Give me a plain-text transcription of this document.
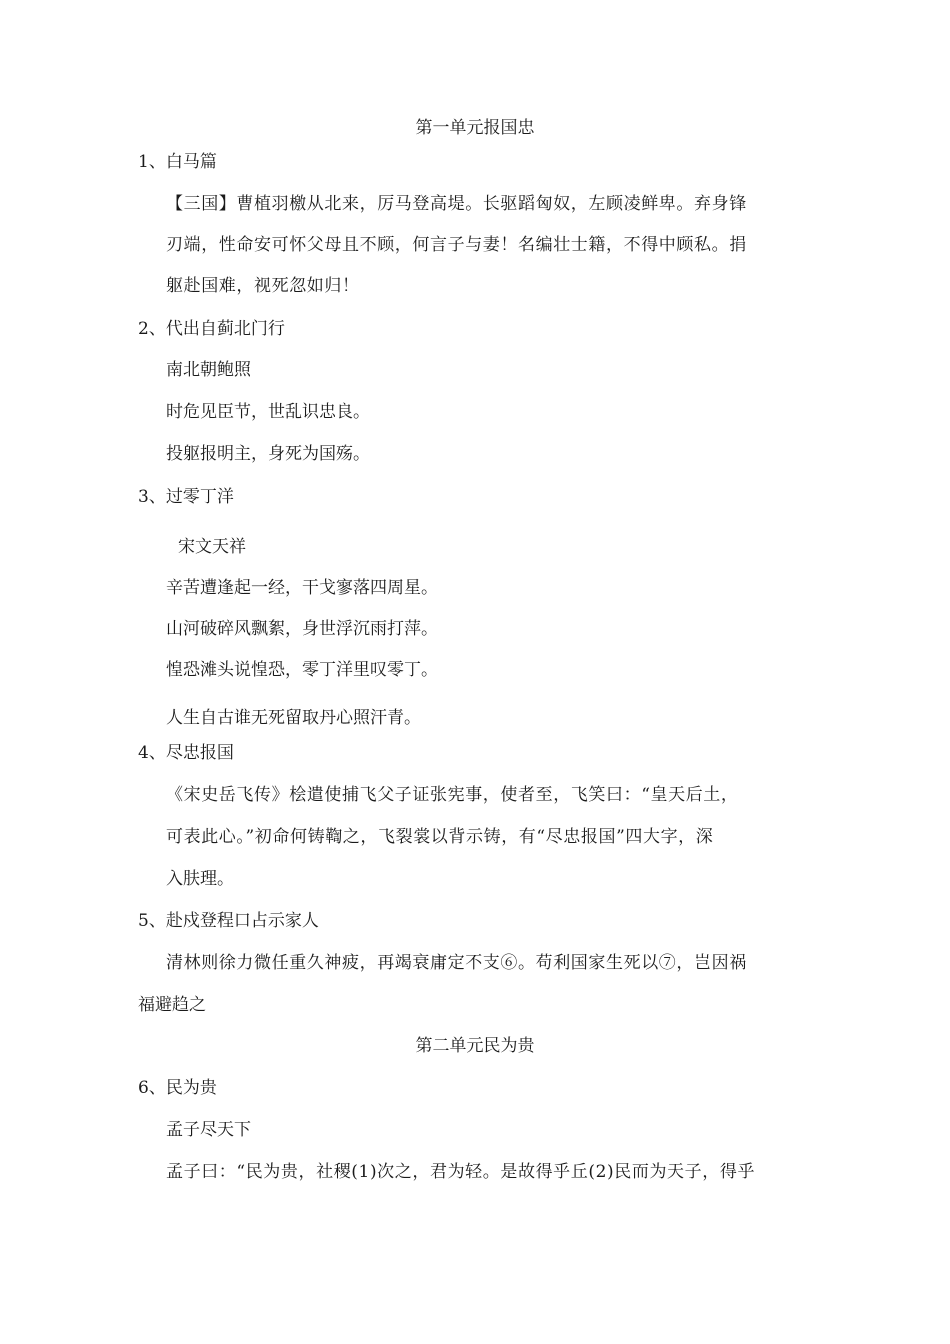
第一单元报国忠
1、白马篇
【三国】曹植羽檄从北来，厉马登高堤。长驱蹈匈奴，左顾凌鲜卑。弃身锋
刃端，性命安可怀父母且不顾，何言子与妻！名编壮士籍，不得中顾私。捐
躯赴国难，视死忽如归！
2、代出自蓟北门行
南北朝鲍照
时危见臣节，世乱识忠良。
投躯报明主，身死为国殇。
3、过零丁洋
宋文天祥
辛苦遭逢起一经，干戈寥落四周星。
山河破碎风飘絮，身世浮沉雨打萍。
惶恐滩头说惶恐，零丁洋里叹零丁。
人生自古谁无死留取丹心照汗青。
4、尽忠报国
《宋史岳飞传》桧遣使捕飞父子证张宪事，使者至，飞笑曰：“皇天后土，
可表此心。”初命何铸鞫之，飞裂裳以背示铸，有“尽忠报国”四大字，深
入肤理。
5、赴戍登程口占示家人
清林则徐力微任重久神疲，再竭衰庸定不支⑥。苟利国家生死以⑦，岂因祸
福避趋之
第二单元民为贵
6、民为贵
孟子尽天下
孟子曰：“民为贵，社稷(1)次之，君为轻。是故得乎丘(2)民而为天子，得乎
